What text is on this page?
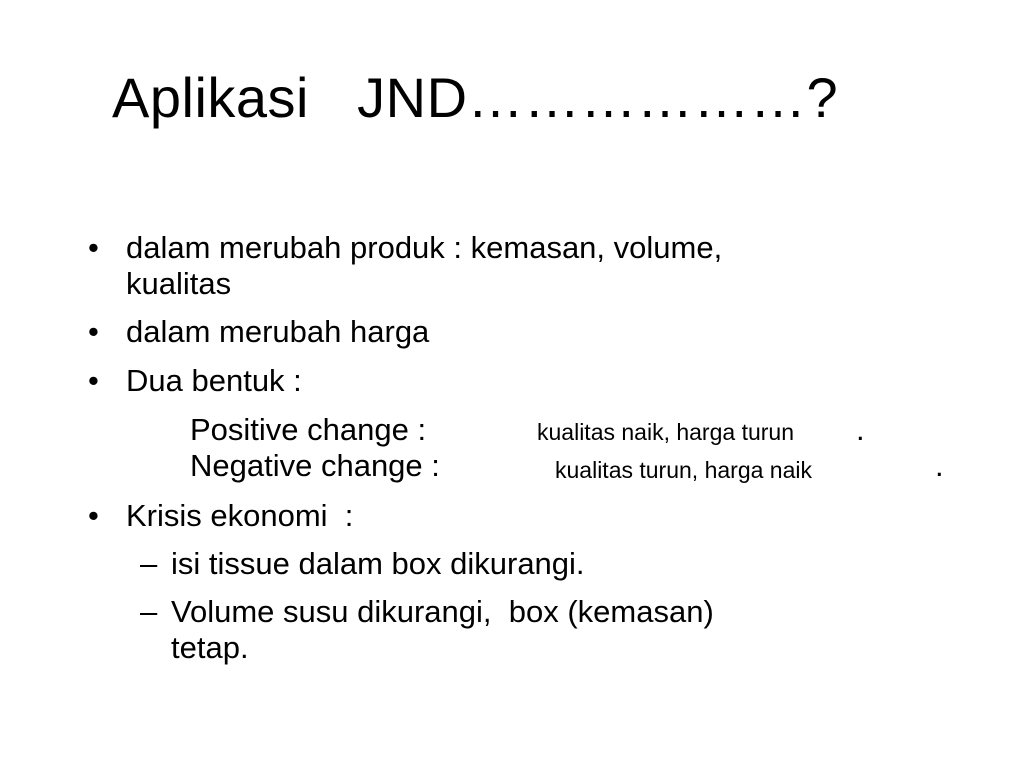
Aplikasi   JND………………?
• dalam merubah produk : kemasan, volume,
kualitas
• dalam merubah harga
• Dua bentuk :
Positive change :	kualitas naik, harga turun .
Negative change :	kualitas turun, harga naik	.
• Krisis ekonomi  :
– isi tissue dalam box dikurangi.
– Volume susu dikurangi,  box (kemasan)
tetap.
